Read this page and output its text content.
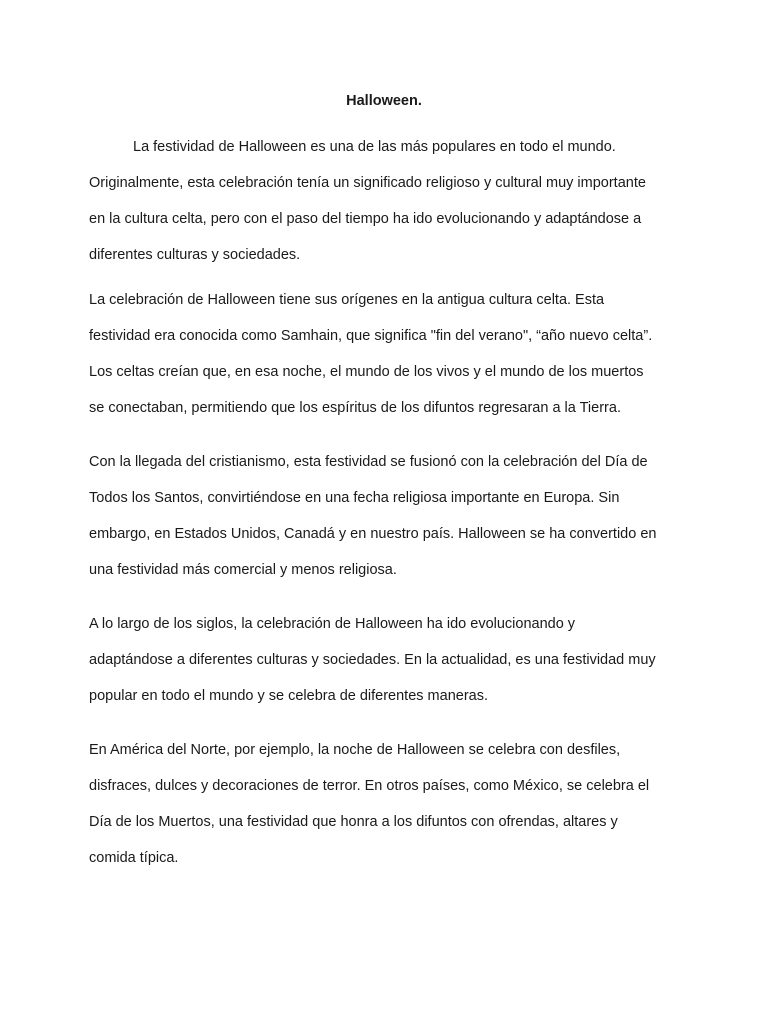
Halloween.

La festividad de Halloween es una de las más populares en todo el mundo.
Originalmente, esta celebración tenía un significado religioso y cultural muy importante
en la cultura celta, pero con el paso del tiempo ha ido evolucionando y adaptándose a
diferentes culturas y sociedades.

La celebración de Halloween tiene sus orígenes en la antigua cultura celta. Esta
festividad era conocida como Samhain, que significa "fin del verano", “año nuevo celta”.
Los celtas creían que, en esa noche, el mundo de los vivos y el mundo de los muertos
se conectaban, permitiendo que los espíritus de los difuntos regresaran a la Tierra.

Con la llegada del cristianismo, esta festividad se fusionó con la celebración del Día de
Todos los Santos, convirtiéndose en una fecha religiosa importante en Europa. Sin
embargo, en Estados Unidos, Canadá y en nuestro país. Halloween se ha convertido en
una festividad más comercial y menos religiosa.

A lo largo de los siglos, la celebración de Halloween ha ido evolucionando y
adaptándose a diferentes culturas y sociedades. En la actualidad, es una festividad muy
popular en todo el mundo y se celebra de diferentes maneras.

En América del Norte, por ejemplo, la noche de Halloween se celebra con desfiles,
disfraces, dulces y decoraciones de terror. En otros países, como México, se celebra el
Día de los Muertos, una festividad que honra a los difuntos con ofrendas, altares y
comida típica.
